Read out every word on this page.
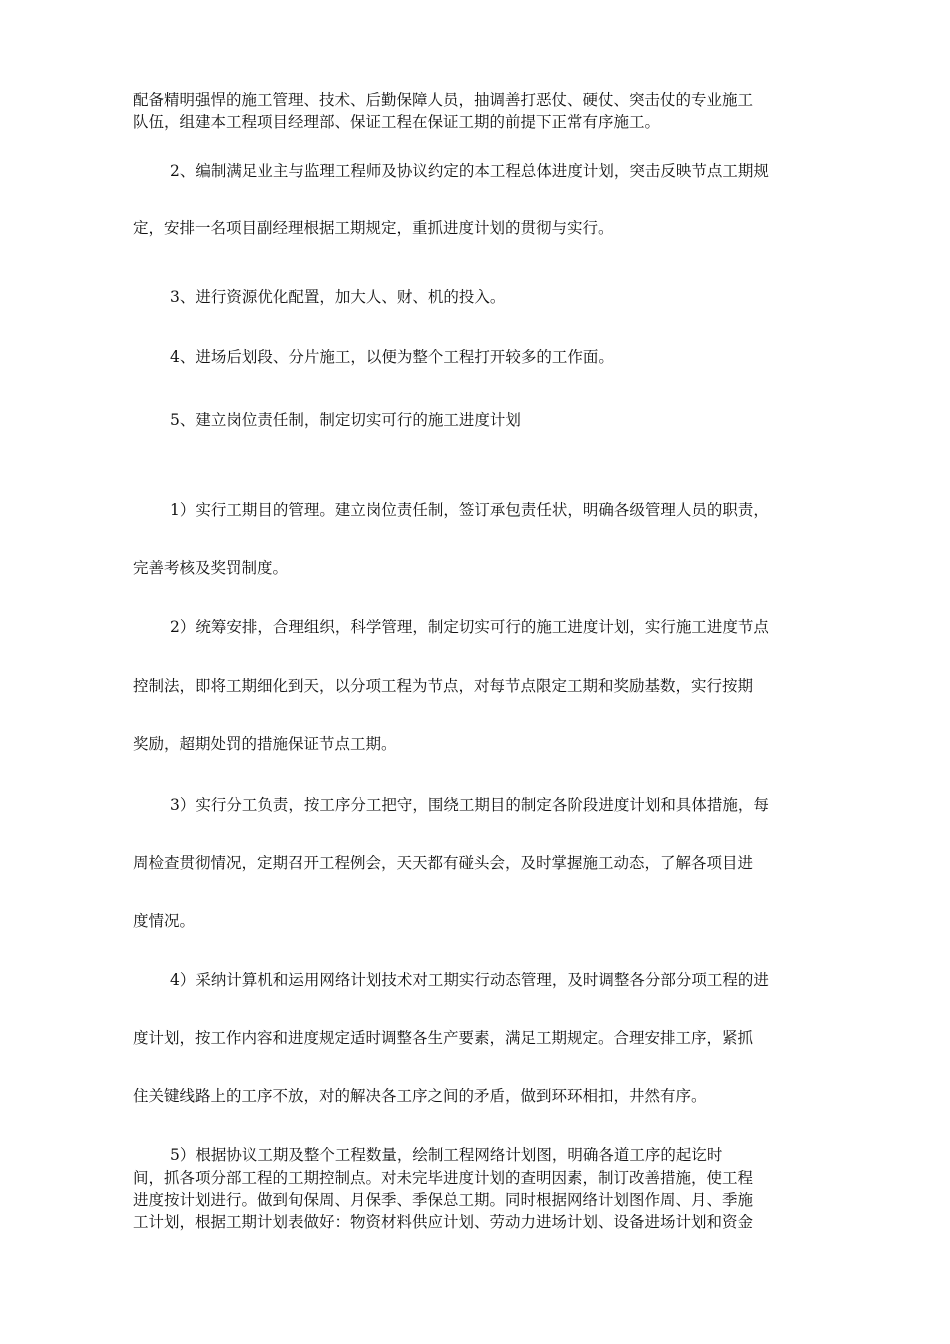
配备精明强悍的施工管理、技术、后勤保障人员，抽调善打恶仗、硬仗、突击仗的专业施工
队伍，组建本工程项目经理部、保证工程在保证工期的前提下正常有序施工。
2、编制满足业主与监理工程师及协议约定的本工程总体进度计划，突击反映节点工期规
定，安排一名项目副经理根据工期规定，重抓进度计划的贯彻与实行。
3、进行资源优化配置，加大人、财、机的投入。
4、进场后划段、分片施工，以便为整个工程打开较多的工作面。
5、建立岗位责任制，制定切实可行的施工进度计划
1）实行工期目的管理。建立岗位责任制，签订承包责任状，明确各级管理人员的职责，
完善考核及奖罚制度。
2）统筹安排，合理组织，科学管理，制定切实可行的施工进度计划，实行施工进度节点
控制法，即将工期细化到天，以分项工程为节点，对每节点限定工期和奖励基数，实行按期
奖励，超期处罚的措施保证节点工期。
3）实行分工负责，按工序分工把守，围绕工期目的制定各阶段进度计划和具体措施，每
周检查贯彻情况，定期召开工程例会，天天都有碰头会，及时掌握施工动态，了解各项目进
度情况。
4）采纳计算机和运用网络计划技术对工期实行动态管理，及时调整各分部分项工程的进
度计划，按工作内容和进度规定适时调整各生产要素，满足工期规定。合理安排工序，紧抓
住关键线路上的工序不放，对的解决各工序之间的矛盾，做到环环相扣，井然有序。
5）根据协议工期及整个工程数量，绘制工程网络计划图，明确各道工序的起讫时
间，抓各项分部工程的工期控制点。对未完毕进度计划的查明因素，制订改善措施，使工程
进度按计划进行。做到旬保周、月保季、季保总工期。同时根据网络计划图作周、月、季施
工计划，根据工期计划表做好：物资材料供应计划、劳动力进场计划、设备进场计划和资金
